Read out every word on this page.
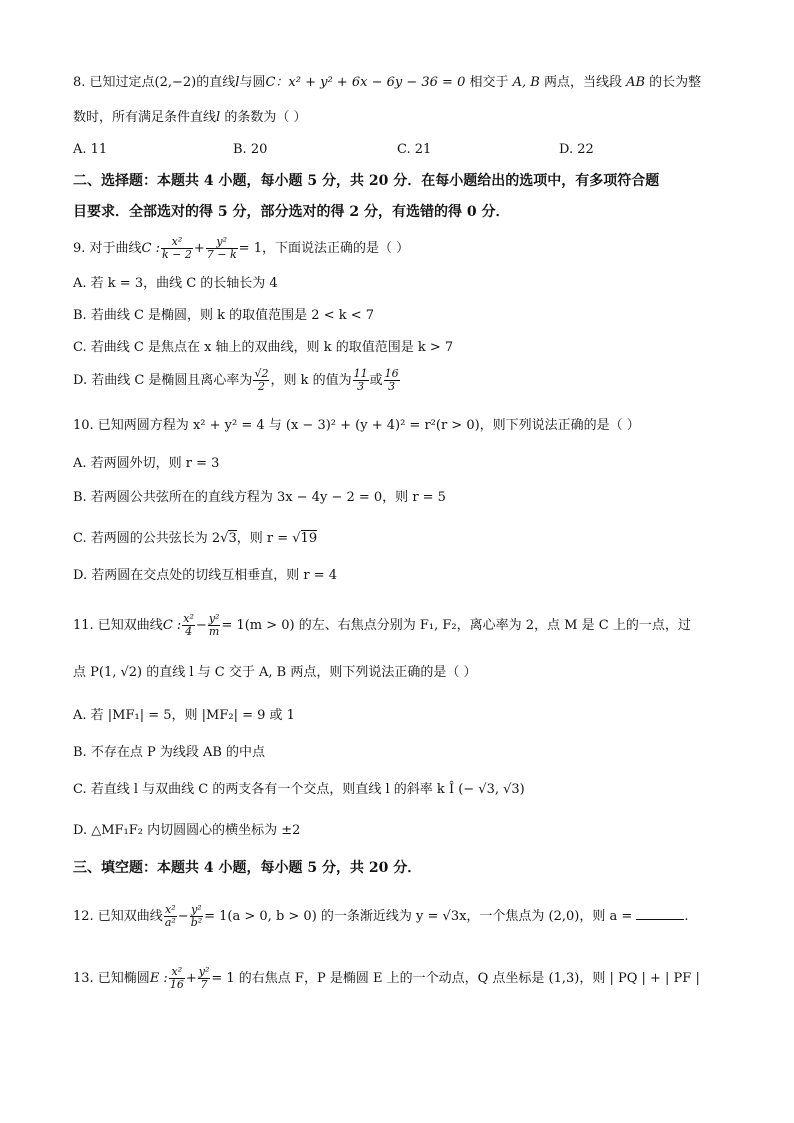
8. 已知过定点(2,−2)的直线l与圆C：x² + y² + 6x − 6y − 36 = 0 相交于 A, B 两点，当线段 AB 的长为整
数时，所有满足条件直线l 的条数为（ ）
A. 11	B. 20	C. 21	D. 22
二、选择题：本题共 4 小题，每小题 5 分，共 20 分．在每小题给出的选项中，有多项符合题
目要求．全部选对的得 5 分，部分选对的得 2 分，有选错的得 0 分．
9. 对于曲线C : $\frac{\text{x²}}{k - 2} + \frac{\text{y²}}{7 - k} = 1$，下面说法正确的是（ ）
A. 若 k = 3，曲线 C 的长轴长为 4
B. 若曲线 C 是椭圆，则 k 的取值范围是 2 < k < 7
C. 若曲线 C 是焦点在 x 轴上的双曲线，则 k 的取值范围是 k > 7
D. 若曲线 C 是椭圆且离心率为 $\frac{√2}{2}$ ，则 k 的值为 $\frac{11}{3}$ 或 $\frac{16}{3}$
10. 已知两圆方程为 x² + y² = 4 与 (x − 3)² + (y + 4)² = r²(r > 0)，则下列说法正确的是（ ）
A. 若两圆外切，则 r = 3
B. 若两圆公共弦所在的直线方程为 3x − 4y − 2 = 0，则 r = 5
C. 若两圆的公共弦长为 2√3，则 r = √19
D. 若两圆在交点处的切线互相垂直，则 r = 4
11. 已知双曲线C : $\frac{\text{x²}}{4} - \frac{\text{y²}}{m} = 1(m > 0)$ 的左、右焦点分别为 F₁, F₂，离心率为 2，点 M 是 C 上的一点，过
点 P(1, √2) 的直线 l 与 C 交于 A, B 两点，则下列说法正确的是（ ）
A. 若 |MF₁| = 5，则 |MF₂| = 9 或 1
B. 不存在点 P 为线段 AB 的中点
C. 若直线 l 与双曲线 C 的两支各有一个交点，则直线 l 的斜率 k Î (− √3, √3)
D. △MF₁F₂ 内切圆圆心的横坐标为 ±2
三、填空题：本题共 4 小题，每小题 5 分，共 20 分．
12. 已知双曲线 $\frac{\text{x²}}{\text{a²}} - \frac{\text{y²}}{\text{b²}} = 1(a > 0$, b > 0) 的一条渐近线为 y = √3x，一个焦点为 (2,0)，则 a =	.
13. 已知椭圆E : $\frac{\text{x²}}{16} + \frac{\text{y²}}{7} = 1$ 的右焦点 F，P 是椭圆 E 上的一个动点，Q 点坐标是 (1,3)，则 | PQ | + | PF |
